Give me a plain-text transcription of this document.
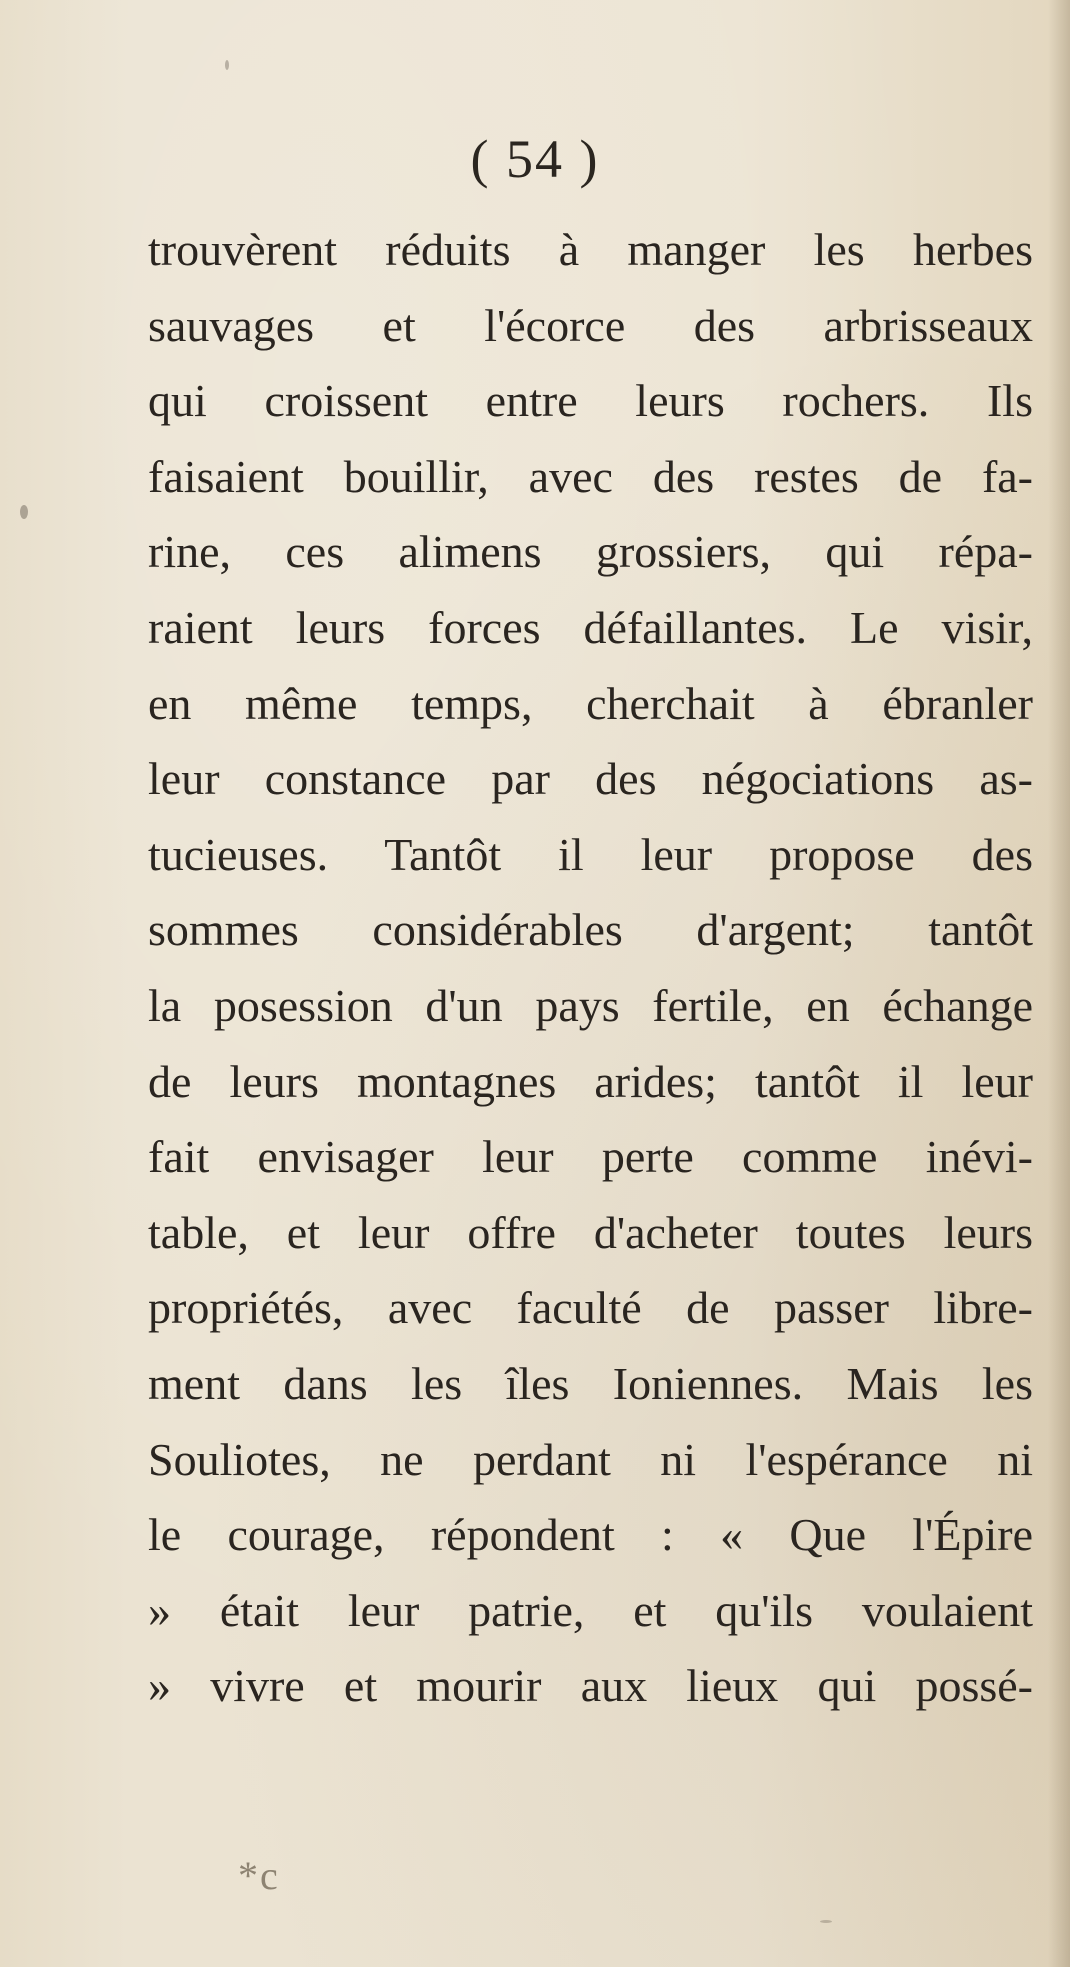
( 54 )
trouvèrent réduits à manger les herbes
sauvages et l'écorce des arbrisseaux
qui croissent entre leurs rochers. Ils
faisaient bouillir, avec des restes de fa-
rine, ces alimens grossiers, qui répa-
raient leurs forces défaillantes. Le visir,
en même temps, cherchait à ébranler
leur constance par des négociations as-
tucieuses. Tantôt il leur propose des
sommes considérables d'argent; tantôt
la posession d'un pays fertile, en échange
de leurs montagnes arides; tantôt il leur
fait envisager leur perte comme inévi-
table, et leur offre d'acheter toutes leurs
propriétés, avec faculté de passer libre-
ment dans les îles Ioniennes. Mais les
Souliotes, ne perdant ni l'espérance ni
le courage, répondent : « Que l'Épire
» était leur patrie, et qu'ils voulaient
» vivre et mourir aux lieux qui possé-
*c
